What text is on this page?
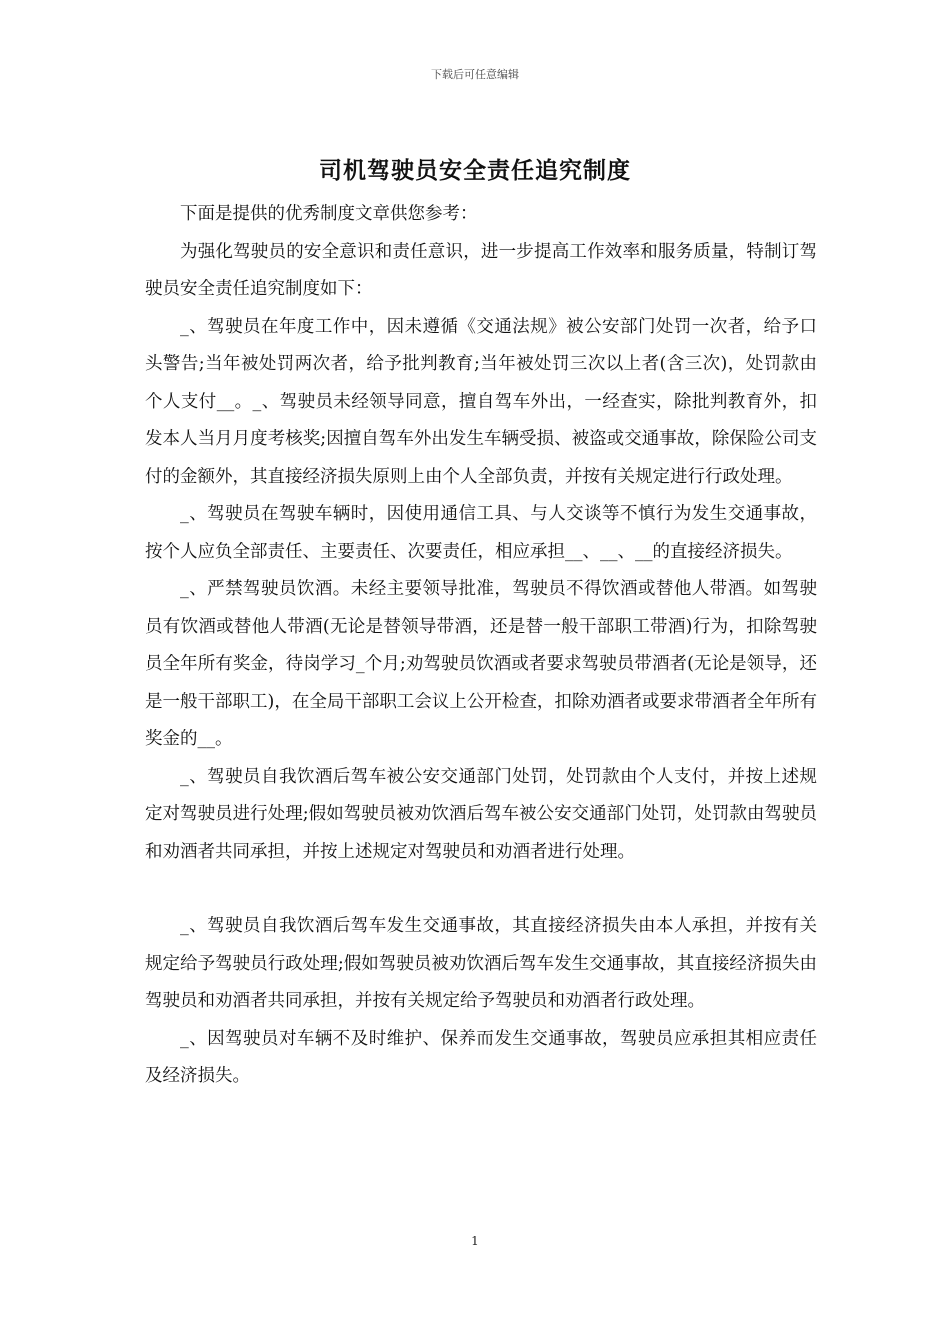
下载后可任意编辑
司机驾驶员安全责任追究制度

下面是提供的优秀制度文章供您参考：

为强化驾驶员的安全意识和责任意识，进一步提高工作效率和服务质量，特制订驾驶员安全责任追究制度如下：

_、驾驶员在年度工作中，因未遵循《交通法规》被公安部门处罚一次者，给予口头警告;当年被处罚两次者，给予批判教育;当年被处罚三次以上者(含三次)，处罚款由个人支付__。_、驾驶员未经领导同意，擅自驾车外出，一经查实，除批判教育外，扣发本人当月月度考核奖;因擅自驾车外出发生车辆受损、被盗或交通事故，除保险公司支付的金额外，其直接经济损失原则上由个人全部负责，并按有关规定进行行政处理。

_、驾驶员在驾驶车辆时，因使用通信工具、与人交谈等不慎行为发生交通事故，按个人应负全部责任、主要责任、次要责任，相应承担__、__、__的直接经济损失。

_、严禁驾驶员饮酒。未经主要领导批准，驾驶员不得饮酒或替他人带酒。如驾驶员有饮酒或替他人带酒(无论是替领导带酒，还是替一般干部职工带酒)行为，扣除驾驶员全年所有奖金，待岗学习_个月;劝驾驶员饮酒或者要求驾驶员带酒者(无论是领导，还是一般干部职工)，在全局干部职工会议上公开检查，扣除劝酒者或要求带酒者全年所有奖金的__。

_、驾驶员自我饮酒后驾车被公安交通部门处罚，处罚款由个人支付，并按上述规定对驾驶员进行处理;假如驾驶员被劝饮酒后驾车被公安交通部门处罚，处罚款由驾驶员和劝酒者共同承担，并按上述规定对驾驶员和劝酒者进行处理。

_、驾驶员自我饮酒后驾车发生交通事故，其直接经济损失由本人承担，并按有关规定给予驾驶员行政处理;假如驾驶员被劝饮酒后驾车发生交通事故，其直接经济损失由驾驶员和劝酒者共同承担，并按有关规定给予驾驶员和劝酒者行政处理。

_、因驾驶员对车辆不及时维护、保养而发生交通事故，驾驶员应承担其相应责任及经济损失。

1
